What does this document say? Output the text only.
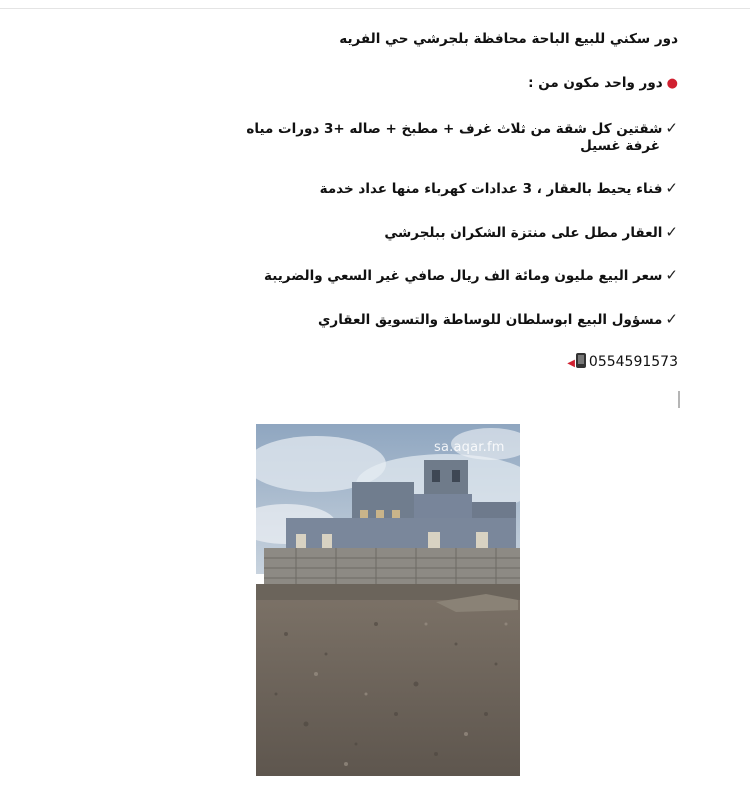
دور سكني للبيع الباحة محافظة بلجرشي حي الفريه

●دور واحد مكون من :

✓شقتين كل شقة من ثلاث غرف + مطبخ + صاله +3 دورات مياه

غرفة غسيل

✓فناء يحيط بالعقار ، 3 عدادات كهرباء منها عداد خدمة

✓العقار مطل على منتزة الشكران ببلجرشي

✓سعر البيع مليون ومائة الف ريال صافي غير السعي والضريبة

✓مسؤول البيع ابوسلطان للوساطة والتسويق العقاري

0554591573◀

sa.aqar.fm
